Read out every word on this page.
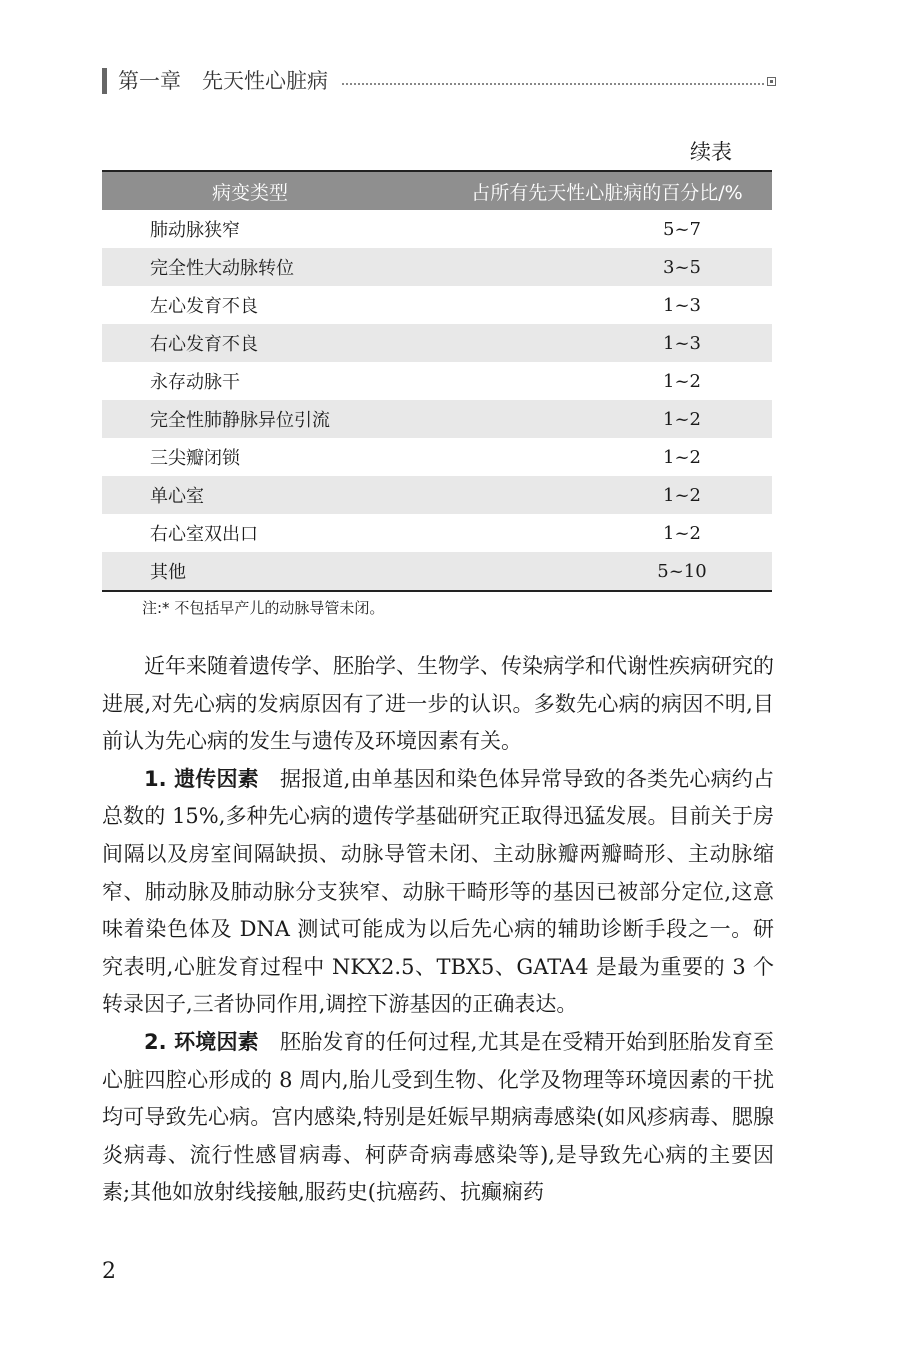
第一章　先天性心脏病
续表
病变类型	占所有先天性心脏病的百分比/%
肺动脉狭窄	5~7
完全性大动脉转位	3~5
左心发育不良	1~3
右心发育不良	1~3
永存动脉干	1~2
完全性肺静脉异位引流	1~2
三尖瓣闭锁	1~2
单心室	1~2
右心室双出口	1~2
其他	5~10
注:* 不包括早产儿的动脉导管未闭。

近年来随着遗传学、胚胎学、生物学、传染病学和代谢性疾病研究的进展,对先心病的发病原因有了进一步的认识。多数先心病的病因不明,目前认为先心病的发生与遗传及环境因素有关。

1. 遗传因素　据报道,由单基因和染色体异常导致的各类先心病约占总数的 15%,多种先心病的遗传学基础研究正取得迅猛发展。目前关于房间隔以及房室间隔缺损、动脉导管未闭、主动脉瓣两瓣畸形、主动脉缩窄、肺动脉及肺动脉分支狭窄、动脉干畸形等的基因已被部分定位,这意味着染色体及 DNA 测试可能成为以后先心病的辅助诊断手段之一。研究表明,心脏发育过程中 NKX2.5、TBX5、GATA4 是最为重要的 3 个转录因子,三者协同作用,调控下游基因的正确表达。

2. 环境因素　胚胎发育的任何过程,尤其是在受精开始到胚胎发育至心脏四腔心形成的 8 周内,胎儿受到生物、化学及物理等环境因素的干扰均可导致先心病。宫内感染,特别是妊娠早期病毒感染(如风疹病毒、腮腺炎病毒、流行性感冒病毒、柯萨奇病毒感染等),是导致先心病的主要因素;其他如放射线接触,服药史(抗癌药、抗癫痫药

2
